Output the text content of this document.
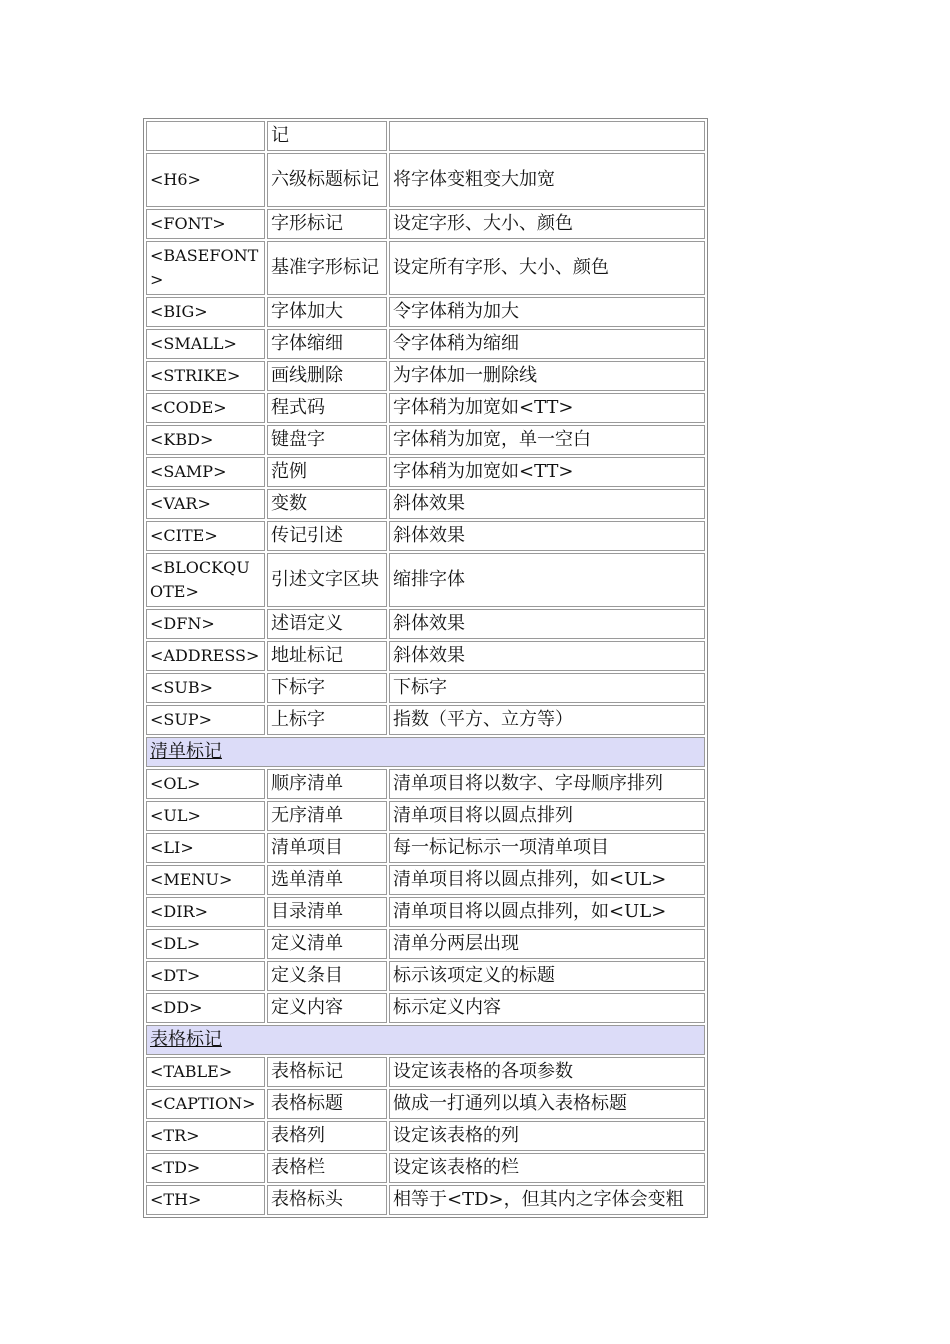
	记	
<H6>	六级标题标记	将字体变粗变大加宽
<FONT>	字形标记	设定字形、大小、颜色
<BASEFONT>	基准字形标记	设定所有字形、大小、颜色
<BIG>	字体加大	令字体稍为加大
<SMALL>	字体缩细	令字体稍为缩细
<STRIKE>	画线删除	为字体加一删除线
<CODE>	程式码	字体稍为加宽如<TT>
<KBD>	键盘字	字体稍为加宽，单一空白
<SAMP>	范例	字体稍为加宽如<TT>
<VAR>	变数	斜体效果
<CITE>	传记引述	斜体效果
<BLOCKQUOTE>	引述文字区块	缩排字体
<DFN>	述语定义	斜体效果
<ADDRESS>	地址标记	斜体效果
<SUB>	下标字	下标字
<SUP>	上标字	指数（平方、立方等）
清单标记		
<OL>	顺序清单	清单项目将以数字、字母顺序排列
<UL>	无序清单	清单项目将以圆点排列
<LI>	清单项目	每一标记标示一项清单项目
<MENU>	选单清单	清单项目将以圆点排列，如<UL>
<DIR>	目录清单	清单项目将以圆点排列，如<UL>
<DL>	定义清单	清单分两层出现
<DT>	定义条目	标示该项定义的标题
<DD>	定义内容	标示定义内容
表格标记		
<TABLE>	表格标记	设定该表格的各项参数
<CAPTION>	表格标题	做成一打通列以填入表格标题
<TR>	表格列	设定该表格的列
<TD>	表格栏	设定该表格的栏
<TH>	表格标头	相等于<TD>，但其内之字体会变粗
